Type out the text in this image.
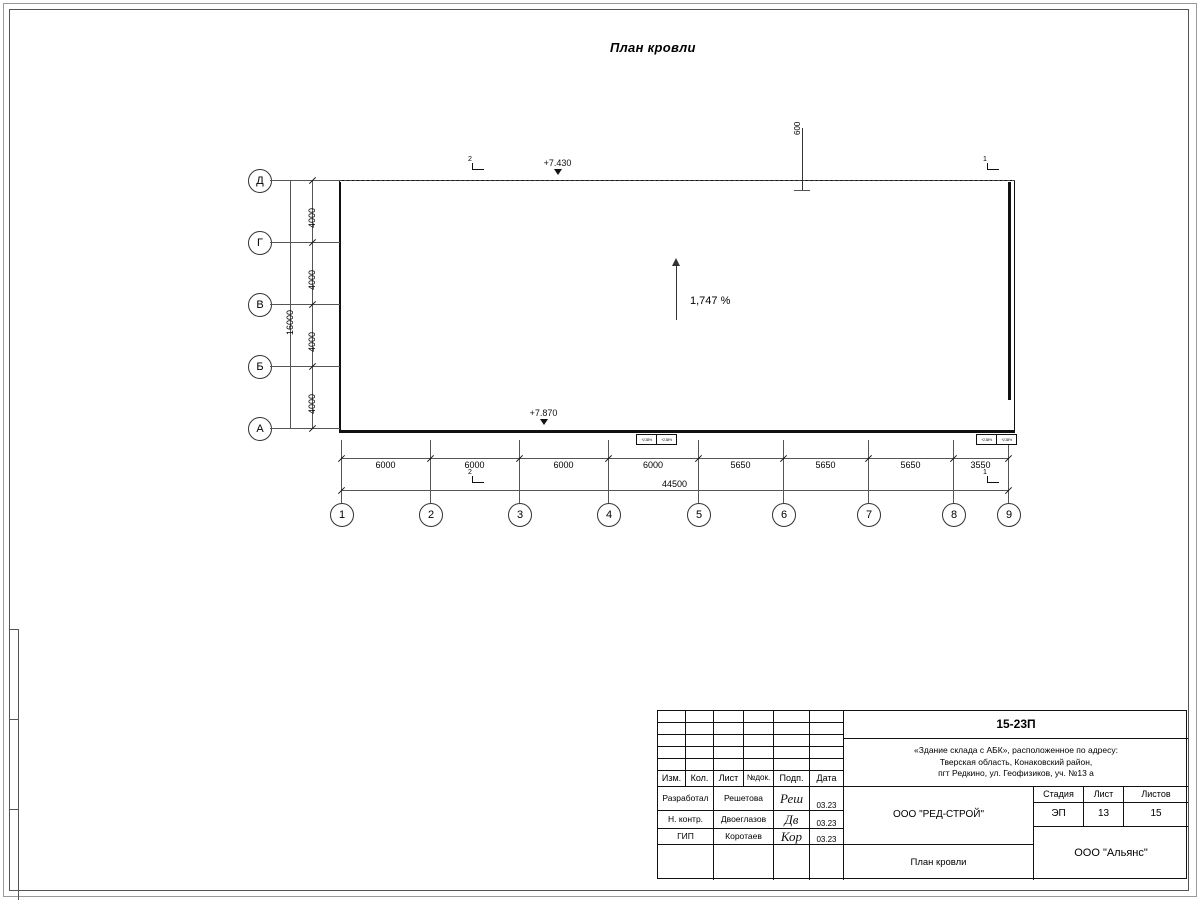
План кровли
1,747 %
+7.430
+7.870
600
2	1
2	1
Д
Г
В
Б
А
4000
4000
4000
4000
16000
1	2	3	4	5	6	7	8	9
6000	6000	6000	6000	5650	5650	5650	3550
44500
+2.38%	+2.38%	+2.38%	+2.38%
Изм.	Кол.	Лист	№док.	Подп.	Дата
Разработал	Решетова	Реш	03.23
Н. контр.	Двоеглазов	Дв	03.23
ГИП	Коротаев	Кор	03.23
15-23П
«Здание склада с АБК», расположенное по адресу:
Тверская область, Конаковский район,
пгт Редкино, ул. Геофизиков, уч. №13 а
ООО "РЕД-СТРОЙ"
План кровли
Стадия	Лист	Листов
ЭП	13	15
ООО "Альянс"
